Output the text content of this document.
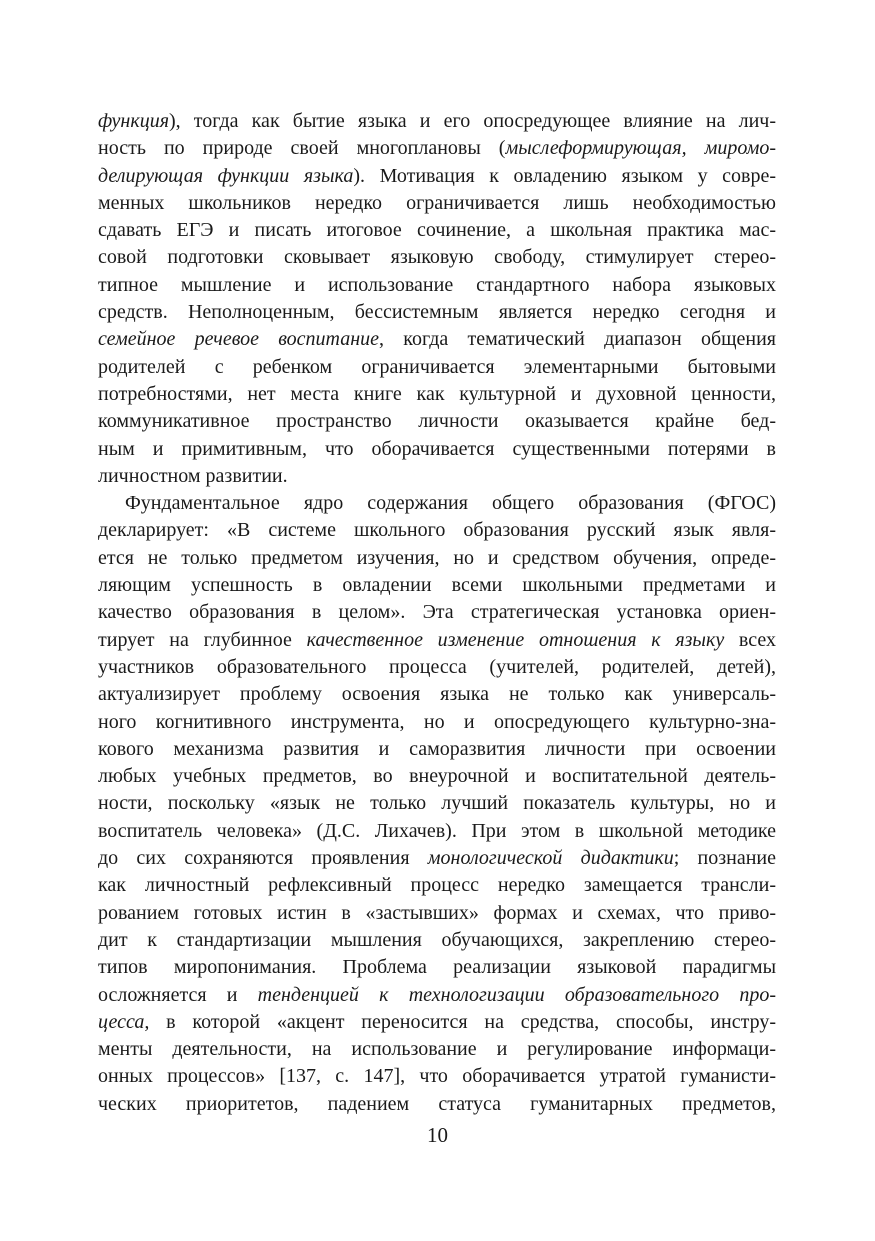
функция), тогда как бытие языка и его опосредующее влияние на лич-
ность по природе своей многоплановы (мыслеформирующая, миромо-
делирующая функции языка). Мотивация к овладению языком у совре-
менных школьников нередко ограничивается лишь необходимостью
сдавать ЕГЭ и писать итоговое сочинение, а школьная практика мас-
совой подготовки сковывает языковую свободу, стимулирует стерео-
типное мышление и использование стандартного набора языковых
средств. Неполноценным, бессистемным является нередко сегодня и
семейное речевое воспитание, когда тематический диапазон общения
родителей с ребенком ограничивается элементарными бытовыми
потребностями, нет места книге как культурной и духовной ценности,
коммуникативное пространство личности оказывается крайне бед-
ным и примитивным, что оборачивается существенными потерями в
личностном развитии.
Фундаментальное ядро содержания общего образования (ФГОС)
декларирует: «В системе школьного образования русский язык явля-
ется не только предметом изучения, но и средством обучения, опреде-
ляющим успешность в овладении всеми школьными предметами и
качество образования в целом». Эта стратегическая установка ориен-
тирует на глубинное качественное изменение отношения к языку всех
участников образовательного процесса (учителей, родителей, детей),
актуализирует проблему освоения языка не только как универсаль-
ного когнитивного инструмента, но и опосредующего культурно-зна-
кового механизма развития и саморазвития личности при освоении
любых учебных предметов, во внеурочной и воспитательной деятель-
ности, поскольку «язык не только лучший показатель культуры, но и
воспитатель человека» (Д.С. Лихачев). При этом в школьной методике
до сих сохраняются проявления монологической дидактики; познание
как личностный рефлексивный процесс нередко замещается трансли-
рованием готовых истин в «застывших» формах и схемах, что приво-
дит к стандартизации мышления обучающихся, закреплению стерео-
типов миропонимания. Проблема реализации языковой парадигмы
осложняется и тенденцией к технологизации образовательного про-
цесса, в которой «акцент переносится на средства, способы, инстру-
менты деятельности, на использование и регулирование информаци-
онных процессов» [137, с. 147], что оборачивается утратой гуманисти-
ческих приоритетов, падением статуса гуманитарных предметов,
10
